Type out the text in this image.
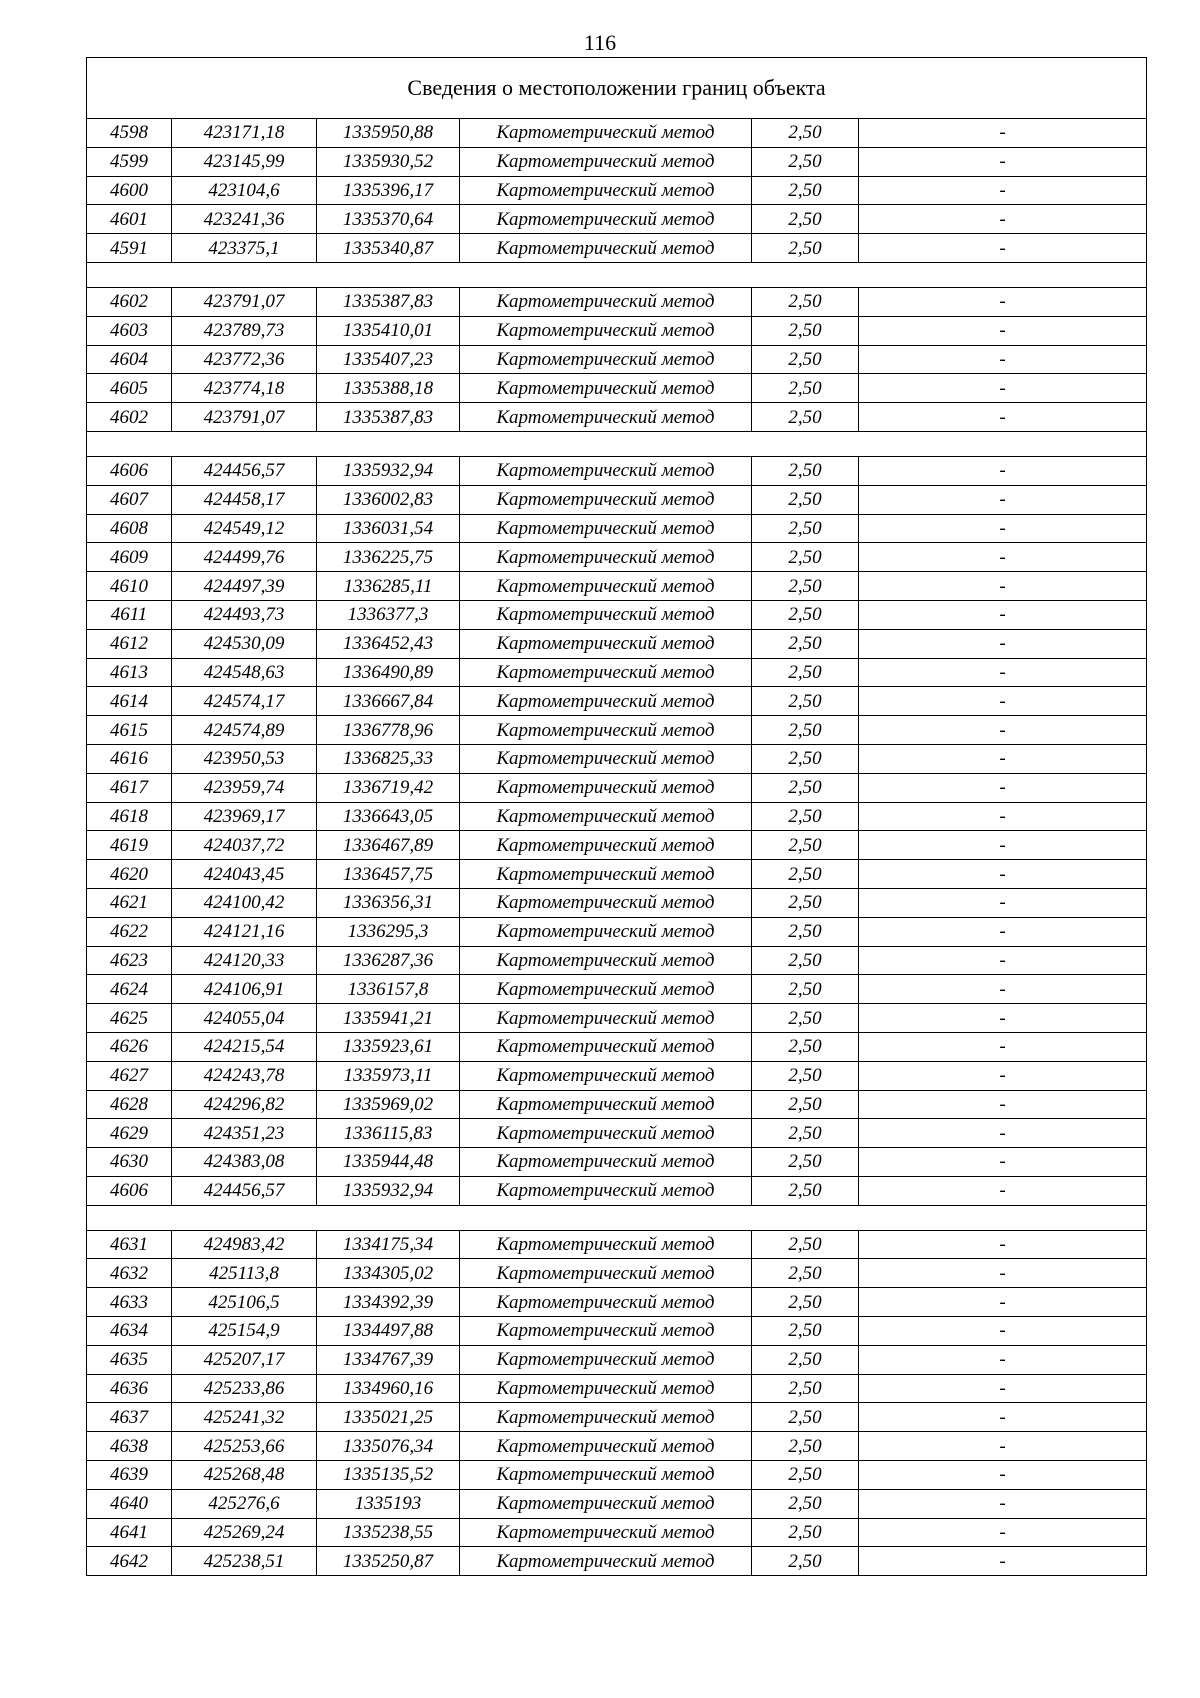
116
Сведения о местоположении границ объекта					
4598	423171,18	1335950,88	Картометрический метод	2,50	-
4599	423145,99	1335930,52	Картометрический метод	2,50	-
4600	423104,6	1335396,17	Картометрический метод	2,50	-
4601	423241,36	1335370,64	Картометрический метод	2,50	-
4591	423375,1	1335340,87	Картометрический метод	2,50	-

4602	423791,07	1335387,83	Картометрический метод	2,50	-
4603	423789,73	1335410,01	Картометрический метод	2,50	-
4604	423772,36	1335407,23	Картометрический метод	2,50	-
4605	423774,18	1335388,18	Картометрический метод	2,50	-
4602	423791,07	1335387,83	Картометрический метод	2,50	-

4606	424456,57	1335932,94	Картометрический метод	2,50	-
4607	424458,17	1336002,83	Картометрический метод	2,50	-
4608	424549,12	1336031,54	Картометрический метод	2,50	-
4609	424499,76	1336225,75	Картометрический метод	2,50	-
4610	424497,39	1336285,11	Картометрический метод	2,50	-
4611	424493,73	1336377,3	Картометрический метод	2,50	-
4612	424530,09	1336452,43	Картометрический метод	2,50	-
4613	424548,63	1336490,89	Картометрический метод	2,50	-
4614	424574,17	1336667,84	Картометрический метод	2,50	-
4615	424574,89	1336778,96	Картометрический метод	2,50	-
4616	423950,53	1336825,33	Картометрический метод	2,50	-
4617	423959,74	1336719,42	Картометрический метод	2,50	-
4618	423969,17	1336643,05	Картометрический метод	2,50	-
4619	424037,72	1336467,89	Картометрический метод	2,50	-
4620	424043,45	1336457,75	Картометрический метод	2,50	-
4621	424100,42	1336356,31	Картометрический метод	2,50	-
4622	424121,16	1336295,3	Картометрический метод	2,50	-
4623	424120,33	1336287,36	Картометрический метод	2,50	-
4624	424106,91	1336157,8	Картометрический метод	2,50	-
4625	424055,04	1335941,21	Картометрический метод	2,50	-
4626	424215,54	1335923,61	Картометрический метод	2,50	-
4627	424243,78	1335973,11	Картометрический метод	2,50	-
4628	424296,82	1335969,02	Картометрический метод	2,50	-
4629	424351,23	1336115,83	Картометрический метод	2,50	-
4630	424383,08	1335944,48	Картометрический метод	2,50	-
4606	424456,57	1335932,94	Картометрический метод	2,50	-

4631	424983,42	1334175,34	Картометрический метод	2,50	-
4632	425113,8	1334305,02	Картометрический метод	2,50	-
4633	425106,5	1334392,39	Картометрический метод	2,50	-
4634	425154,9	1334497,88	Картометрический метод	2,50	-
4635	425207,17	1334767,39	Картометрический метод	2,50	-
4636	425233,86	1334960,16	Картометрический метод	2,50	-
4637	425241,32	1335021,25	Картометрический метод	2,50	-
4638	425253,66	1335076,34	Картометрический метод	2,50	-
4639	425268,48	1335135,52	Картометрический метод	2,50	-
4640	425276,6	1335193	Картометрический метод	2,50	-
4641	425269,24	1335238,55	Картометрический метод	2,50	-
4642	425238,51	1335250,87	Картометрический метод	2,50	-
